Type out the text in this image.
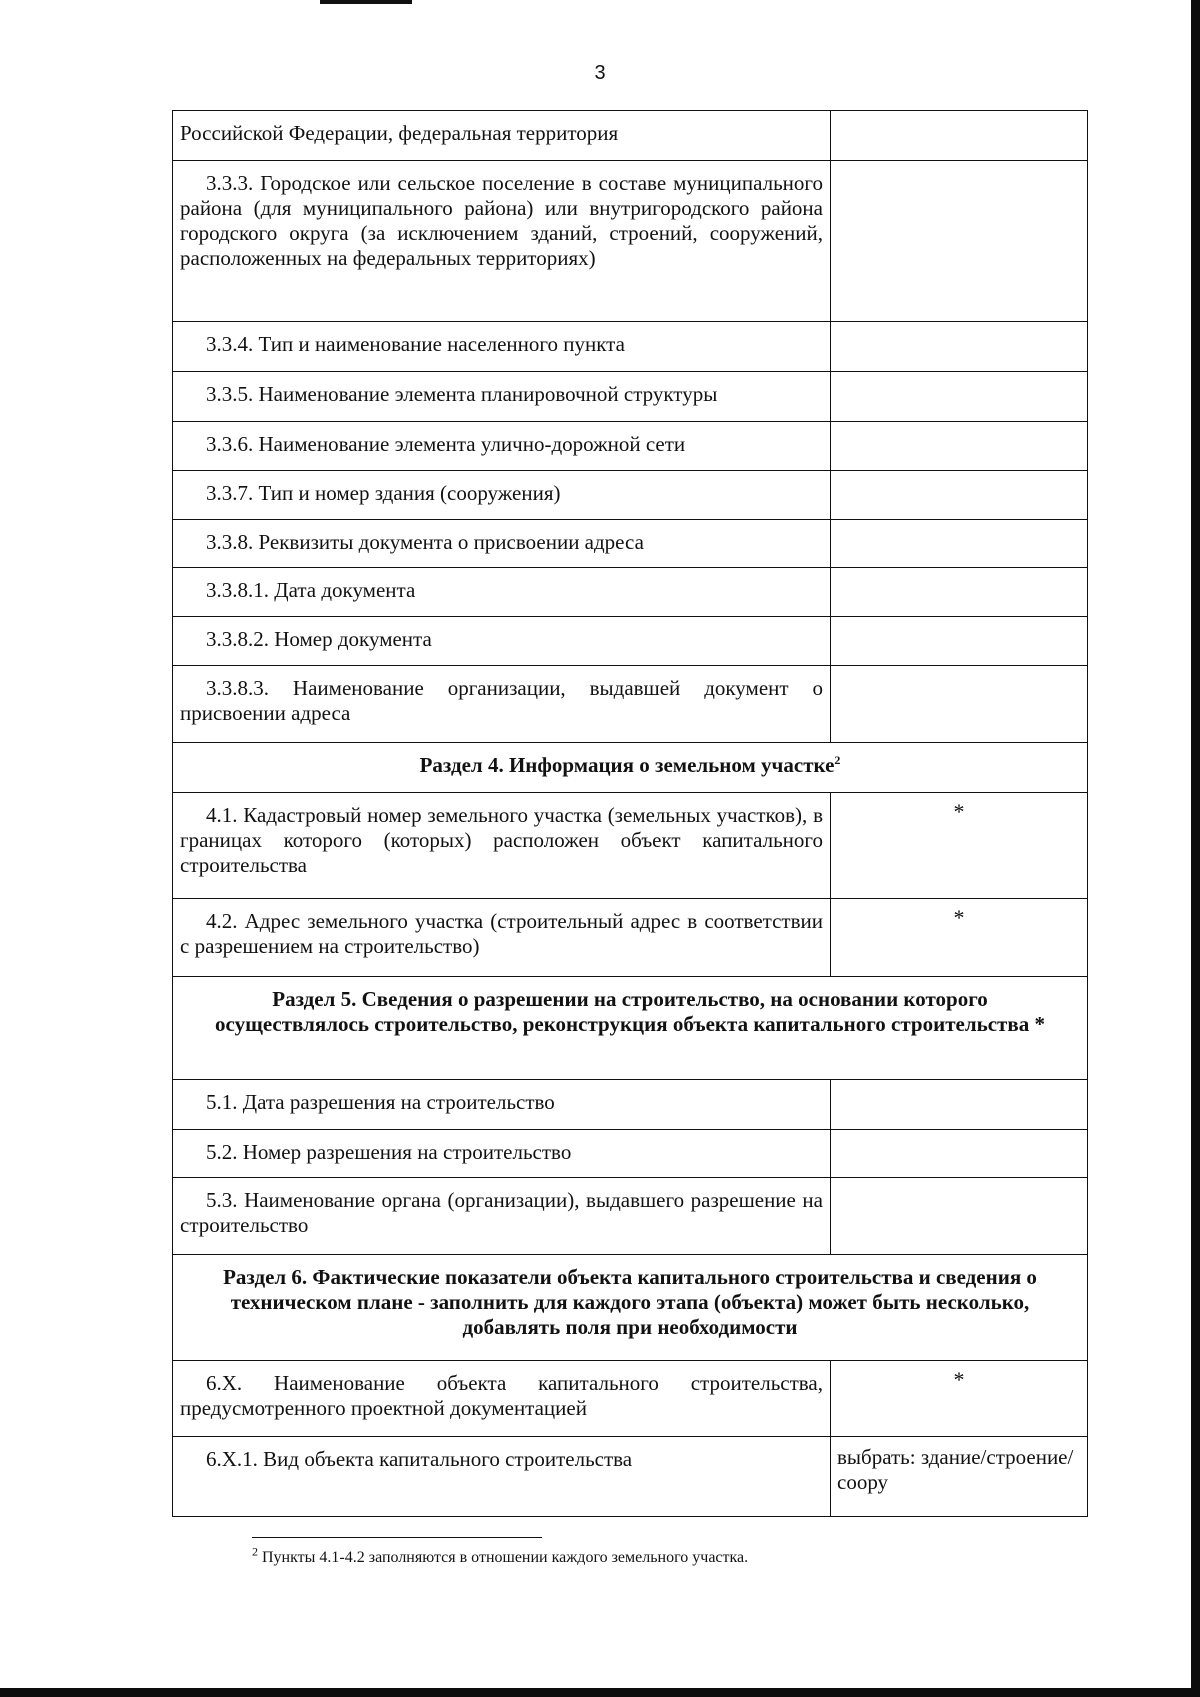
3
Российской Федерации, федеральная территория	

3.3.3. Городское или сельское поселение в составе муниципального района (для муниципального района) или внутригородского района городского округа (за исключением зданий, строений, сооружений, расположенных на федеральных территориях)	

3.3.4. Тип и наименование населенного пункта	

3.3.5. Наименование элемента планировочной структуры	

3.3.6. Наименование элемента улично-дорожной сети	

3.3.7. Тип и номер здания (сооружения)	

3.3.8. Реквизиты документа о присвоении адреса	

3.3.8.1. Дата документа	

3.3.8.2. Номер документа	

3.3.8.3. Наименование организации, выдавшей документ о присвоении адреса	

Раздел 4. Информация о земельном участке$^2$

4.1. Кадастровый номер земельного участка (земельных участков), в границах которого (которых) расположен объект капитального строительства	*

4.2. Адрес земельного участка (строительный адрес в соответствии с разрешением на строительство)	*
Раздел 5. Сведения о разрешении на строительство, на основании которого осуществлялось строительство, реконструкция объекта капитального строительства *	

5.1. Дата разрешения на строительство	

5.2. Номер разрешения на строительство	

5.3. Наименование органа (организации), выдавшего разрешение на строительство	

Раздел 6. Фактические показатели объекта капитального строительства и сведения о техническом плане - заполнить для каждого этапа (объекта) может быть несколько, добавлять поля при необходимости	

6.Х. Наименование объекта капитального строительства, предусмотренного проектной документацией	*

6.Х.1. Вид объекта капитального строительства	выбрать: здание/строение/соору
$^2$ Пункты 4.1-4.2 заполняются в отношении каждого земельного участка.
